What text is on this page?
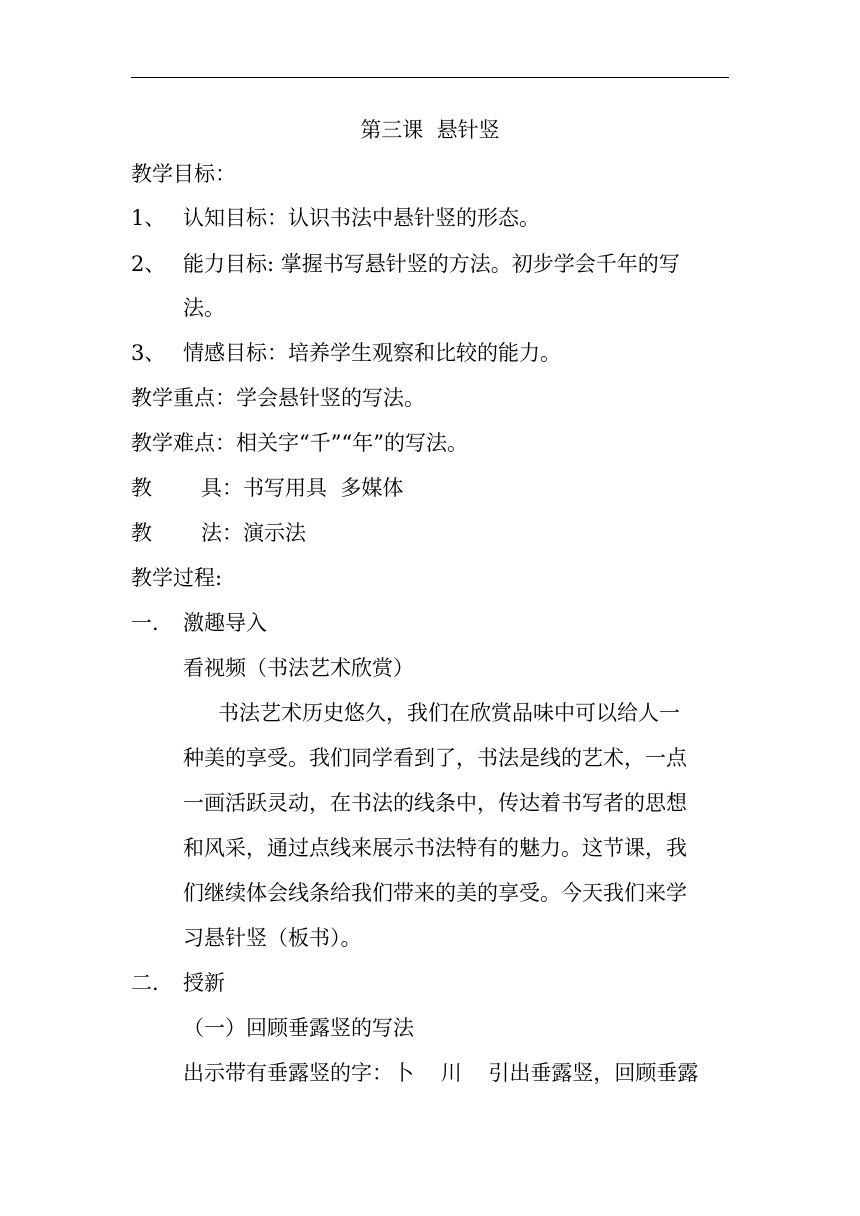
第三课  悬针竖
教学目标：
1、 认知目标：认识书法中悬针竖的形态。
2、 能力目标: 掌握书写悬针竖的方法。初步学会千年的写
法。
3、 情感目标：培养学生观察和比较的能力。
教学重点：学会悬针竖的写法。
教学难点：相关字“千”“年”的写法。
教 具：书写用具  多媒体
教 法：演示法
教学过程:
一. 激趣导入
看视频（书法艺术欣赏）
书法艺术历史悠久，我们在欣赏品味中可以给人一
种美的享受。我们同学看到了，书法是线的艺术，一点
一画活跃灵动，在书法的线条中，传达着书写者的思想
和风采，通过点线来展示书法特有的魅力。这节课，我
们继续体会线条给我们带来的美的享受。今天我们来学
习悬针竖（板书）。
二. 授新
（一）回顾垂露竖的写法
出示带有垂露竖的字：卜    川    引出垂露竖，回顾垂露
